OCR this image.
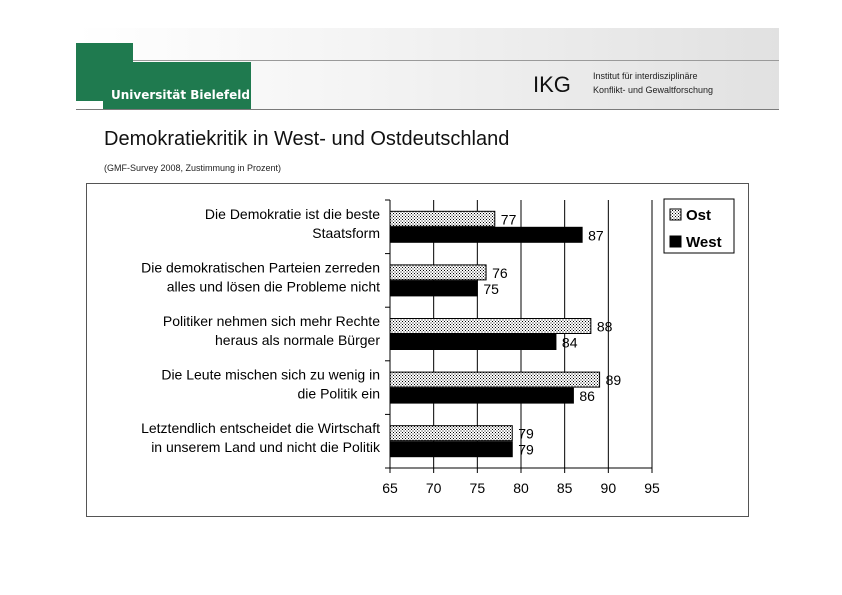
Universität Bielefeld	IKG Institut für interdisziplinäre
Konflikt- und Gewaltforschung
Demokratiekritik in West- und Ostdeutschland
(GMF-Survey 2008, Zustimmung in Prozent)
65 70 75 80 85 90 95
77
87
Die Demokratie ist die beste
Staatsform
76
75
Die demokratischen Parteien zerreden
alles und lösen die Probleme nicht
88
84
Politiker nehmen sich mehr Rechte
heraus als normale Bürger
89
86
Die Leute mischen sich zu wenig in
die Politik ein
79
79
Letztendlich entscheidet die Wirtschaft
in unserem Land und nicht die Politik
Ost
West
